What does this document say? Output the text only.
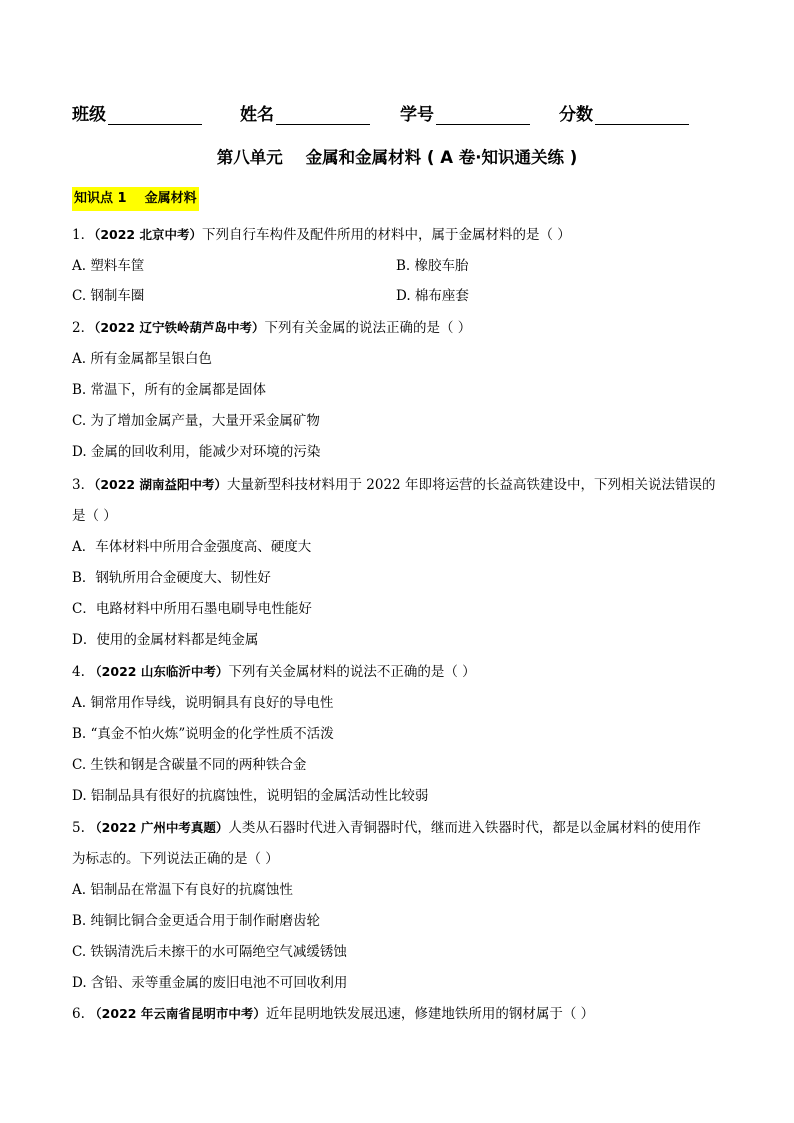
班级	姓名	学号	分数
第八单元    金属和金属材料 ( A 卷·知识通关练 )
知识点 1    金属材料
1．（2022 北京中考）下列自行车构件及配件所用的材料中，属于金属材料的是（ ）
A. 塑料车筐	B. 橡胶车胎
C. 钢制车圈	D. 棉布座套
2．（2022 辽宁铁岭葫芦岛中考）下列有关金属的说法正确的是（ ）
A. 所有金属都呈银白色
B. 常温下，所有的金属都是固体
C. 为了增加金属产量，大量开采金属矿物
D. 金属的回收利用，能减少对环境的污染
3．（2022 湖南益阳中考）大量新型科技材料用于 2022 年即将运营的长益高铁建设中，下列相关说法错误的
是（ ）
A．车体材料中所用合金强度高、硬度大
B．钢轨所用合金硬度大、韧性好
C．电路材料中所用石墨电刷导电性能好
D．使用的金属材料都是纯金属
4. （2022 山东临沂中考）下列有关金属材料的说法不正确的是（ ）
A. 铜常用作导线，说明铜具有良好的导电性
B. “真金不怕火炼”说明金的化学性质不活泼
C. 生铁和钢是含碳量不同的两种铁合金
D. 铝制品具有很好的抗腐蚀性，说明铝的金属活动性比较弱
5. （2022 广州中考真题）人类从石器时代进入青铜器时代，继而进入铁器时代，都是以金属材料的使用作
为标志的。下列说法正确的是（ ）
A. 铝制品在常温下有良好的抗腐蚀性
B. 纯铜比铜合金更适合用于制作耐磨齿轮
C. 铁锅清洗后未擦干的水可隔绝空气减缓锈蚀
D. 含铅、汞等重金属的废旧电池不可回收利用
6. （2022 年云南省昆明市中考）近年昆明地铁发展迅速，修建地铁所用的钢材属于（ ）
